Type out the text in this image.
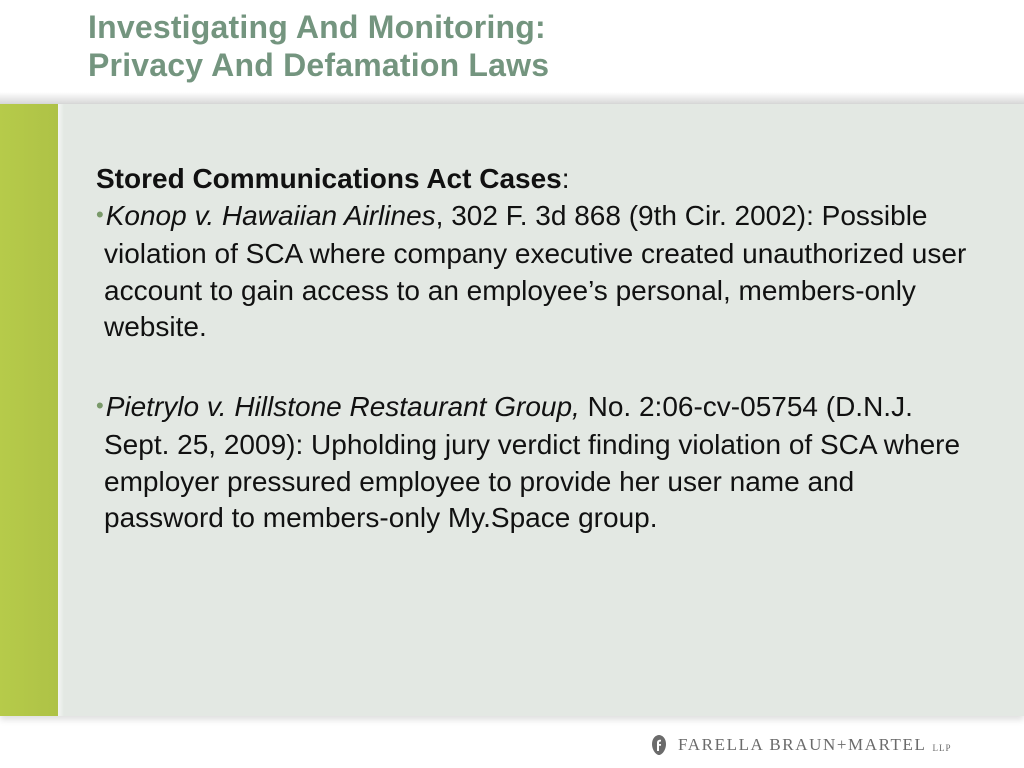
Investigating And Monitoring:
Privacy And Defamation Laws

Stored Communications Act Cases:

•Konop v. Hawaiian Airlines, 302 F. 3d 868 (9th Cir. 2002): Possible violation of SCA where company executive created unauthorized user account to gain access to an employee’s personal, members-only website.

•Pietrylo v. Hillstone Restaurant Group, No. 2:06-cv-05754 (D.N.J. Sept. 25, 2009): Upholding jury verdict finding violation of SCA where employer pressured employee to provide her user name and password to members-only My.Space group.

FARELLA BRAUN+MARTEL LLP
